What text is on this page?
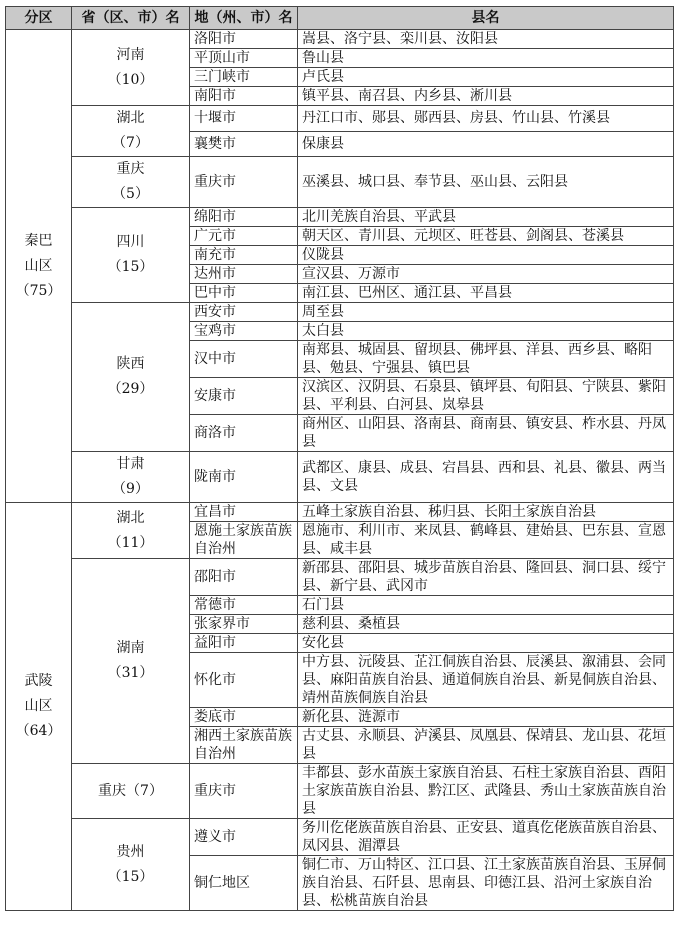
分区	省（区、市）名	地（州、市）名	县名

秦巴
山区
（75）	河南
（10）	洛阳市	嵩县、洛宁县、栾川县、汝阳县
		平顶山市	鲁山县
		三门峡市	卢氏县
		南阳市	镇平县、南召县、内乡县、淅川县

	湖北
（7）	十堰市	丹江口市、郧县、郧西县、房县、竹山县、竹溪县
		襄樊市	保康县

	重庆
（5）	重庆市	巫溪县、城口县、奉节县、巫山县、云阳县

	四川
（15）	绵阳市	北川羌族自治县、平武县
		广元市	朝天区、青川县、元坝区、旺苍县、剑阁县、苍溪县
		南充市	仪陇县
		达州市	宣汉县、万源市
		巴中市	南江县、巴州区、通江县、平昌县

	陕西
（29）	西安市	周至县
		宝鸡市	太白县
		汉中市	南郑县、城固县、留坝县、佛坪县、洋县、西乡县、略阳县、勉县、宁强县、镇巴县
		安康市	汉滨区、汉阴县、石泉县、镇坪县、旬阳县、宁陕县、紫阳县、平利县、白河县、岚皋县
		商洛市	商州区、山阳县、洛南县、商南县、镇安县、柞水县、丹凤县

	甘肃
（9）	陇南市	武都区、康县、成县、宕昌县、西和县、礼县、徽县、两当县、文县

武陵
山区
（64）	湖北
（11）	宜昌市	五峰土家族自治县、秭归县、长阳土家族自治县
		恩施土家族苗族自治州	恩施市、利川市、来凤县、鹤峰县、建始县、巴东县、宣恩县、咸丰县

	湖南
（31）	邵阳市	新邵县、邵阳县、城步苗族自治县、隆回县、洞口县、绥宁县、新宁县、武冈市
		常德市	石门县
		张家界市	慈利县、桑植县
		益阳市	安化县
		怀化市	中方县、沅陵县、芷江侗族自治县、辰溪县、溆浦县、会同县、麻阳苗族自治县、通道侗族自治县、新晃侗族自治县、靖州苗族侗族自治县
		娄底市	新化县、涟源市
		湘西土家族苗族自治州	古丈县、永顺县、泸溪县、凤凰县、保靖县、龙山县、花垣县
	重庆（7）	重庆市	丰都县、彭水苗族土家族自治县、石柱土家族自治县、酉阳土家族苗族自治县、黔江区、武隆县、秀山土家族苗族自治县

	贵州
（15）	遵义市	务川仡佬族苗族自治县、正安县、道真仡佬族苗族自治县、凤冈县、湄潭县
		铜仁地区	铜仁市、万山特区、江口县、江土家族苗族自治县、玉屏侗族自治县、石阡县、思南县、印德江县、沿河土家族自治县、松桃苗族自治县
